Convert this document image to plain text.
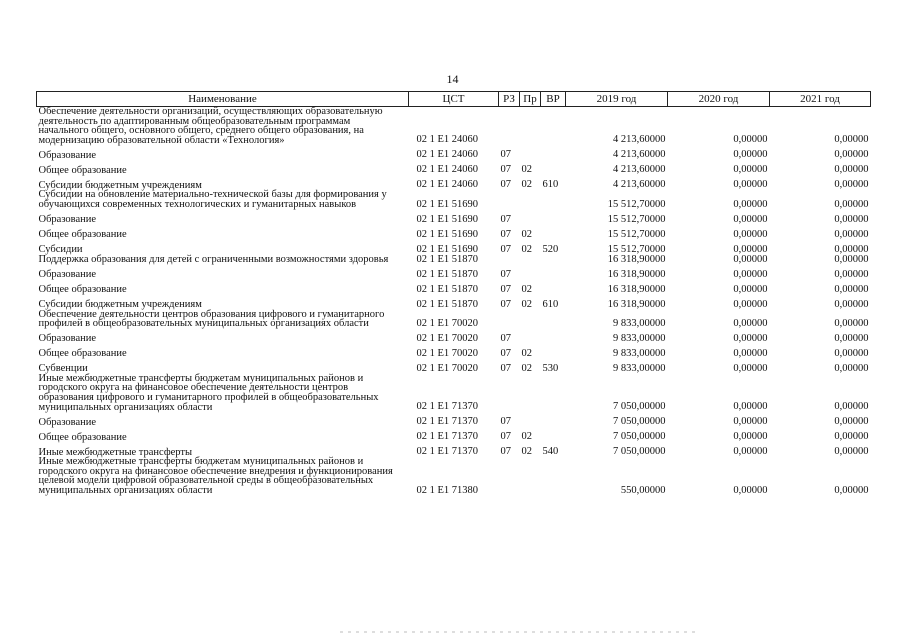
14
Наименование	ЦСТ	РЗ	Пр	ВР	2019 год	2020 год	2021 год
Обеспечение деятельности организаций, осуществляющих образовательную деятельность по адаптированным общеобразовательным программам начального общего, основного общего, среднего общего образования, на модернизацию образовательной области «Технология»	02 1 E1 24060				4 213,60000	0,00000	0,00000
Образование	02 1 E1 24060	07			4 213,60000	0,00000	0,00000
Общее образование	02 1 E1 24060	07	02		4 213,60000	0,00000	0,00000
Субсидии бюджетным учреждениям	02 1 E1 24060	07	02	610	4 213,60000	0,00000	0,00000
Субсидии на обновление материально-технической базы для формирования у обучающихся современных технологических и гуманитарных навыков	02 1 E1 51690				15 512,70000	0,00000	0,00000
Образование	02 1 E1 51690	07			15 512,70000	0,00000	0,00000
Общее образование	02 1 E1 51690	07	02		15 512,70000	0,00000	0,00000
Субсидии	02 1 E1 51690	07	02	520	15 512,70000	0,00000	0,00000
Поддержка образования для детей с ограниченными возможностями здоровья	02 1 E1 51870				16 318,90000	0,00000	0,00000
Образование	02 1 E1 51870	07			16 318,90000	0,00000	0,00000
Общее образование	02 1 E1 51870	07	02		16 318,90000	0,00000	0,00000
Субсидии бюджетным учреждениям	02 1 E1 51870	07	02	610	16 318,90000	0,00000	0,00000
Обеспечение деятельности центров образования цифрового и гуманитарного профилей в общеобразовательных муниципальных организациях области	02 1 E1 70020				9 833,00000	0,00000	0,00000
Образование	02 1 E1 70020	07			9 833,00000	0,00000	0,00000
Общее образование	02 1 E1 70020	07	02		9 833,00000	0,00000	0,00000
Субвенции	02 1 E1 70020	07	02	530	9 833,00000	0,00000	0,00000
Иные межбюджетные трансферты бюджетам муниципальных районов и городского округа на финансовое обеспечение деятельности центров образования цифрового и гуманитарного профилей в общеобразовательных муниципальных организациях области	02 1 E1 71370				7 050,00000	0,00000	0,00000
Образование	02 1 E1 71370	07			7 050,00000	0,00000	0,00000
Общее образование	02 1 E1 71370	07	02		7 050,00000	0,00000	0,00000
Иные межбюджетные трансферты	02 1 E1 71370	07	02	540	7 050,00000	0,00000	0,00000
Иные межбюджетные трансферты бюджетам муниципальных районов и городского округа на финансовое обеспечение внедрения и функционирования целевой модели цифровой образовательной среды в общеобразовательных муниципальных организациях области	02 1 E1 71380				550,00000	0,00000	0,00000
